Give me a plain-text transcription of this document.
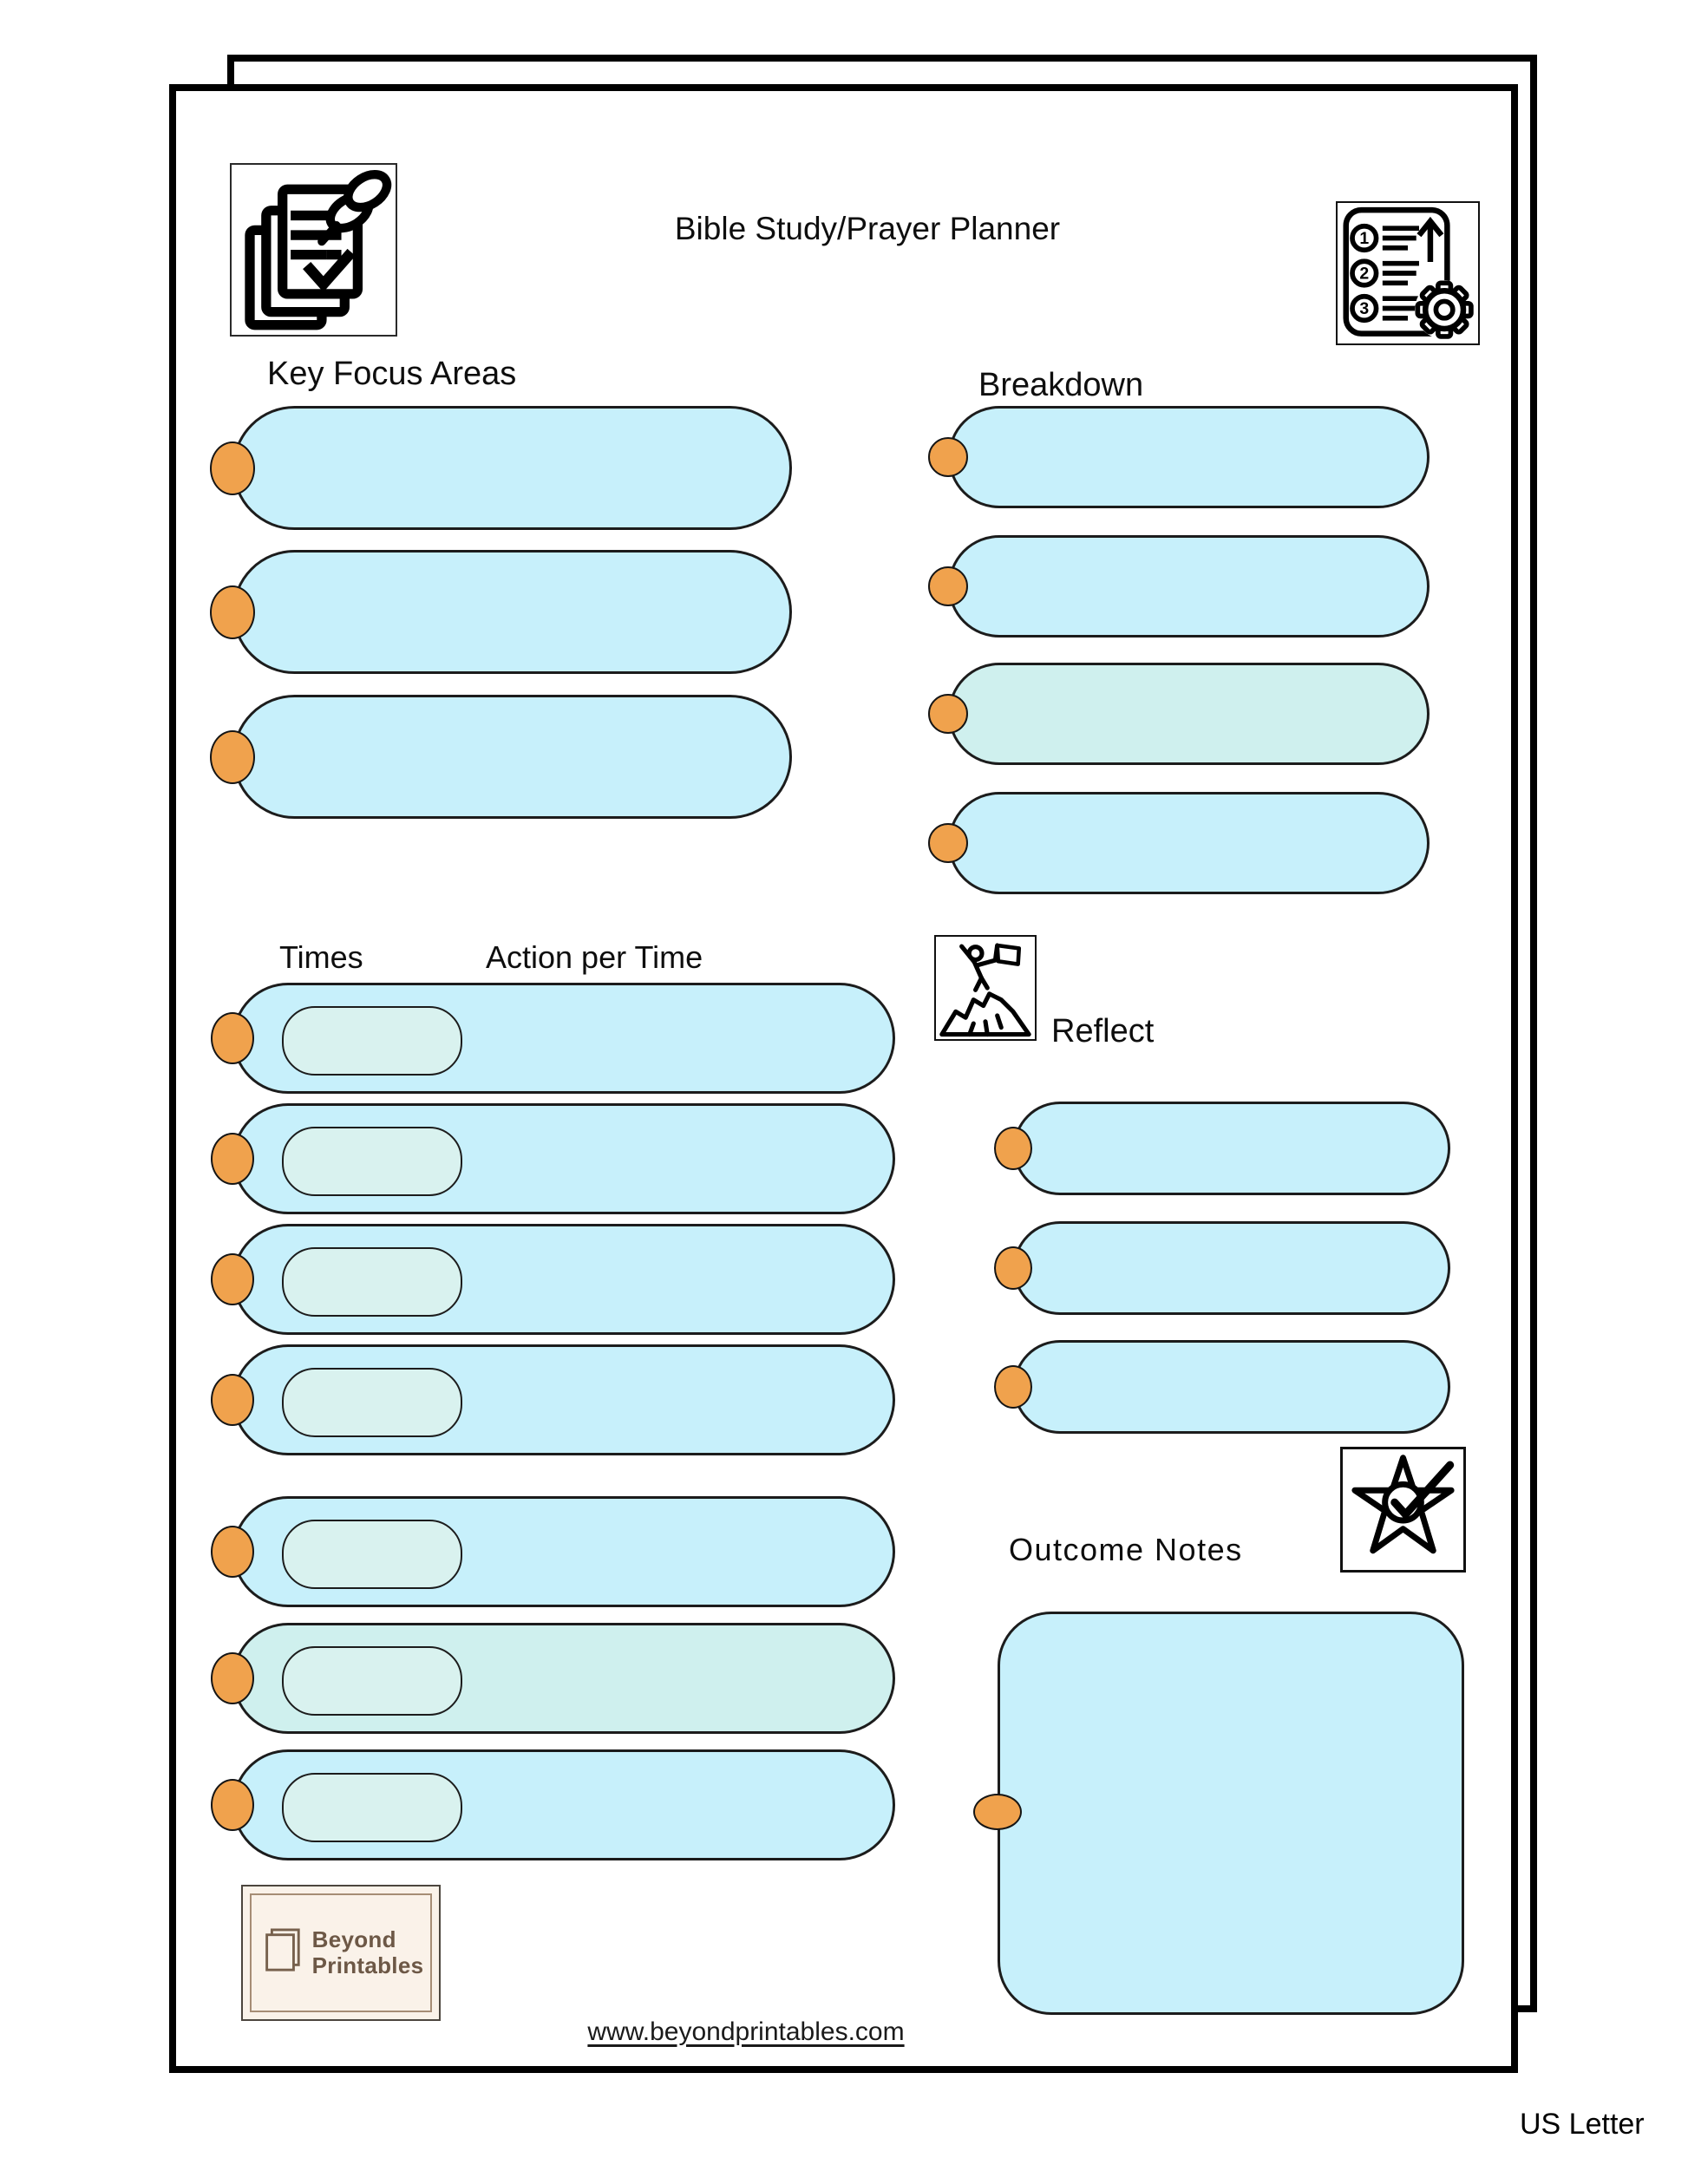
Bible Study/Prayer Planner	1
2
3
Key Focus Areas	Breakdown
Times	Action per Time
Reflect
Outcome Notes
Beyond
Printables
www.beyondprintables.com
US Letter
